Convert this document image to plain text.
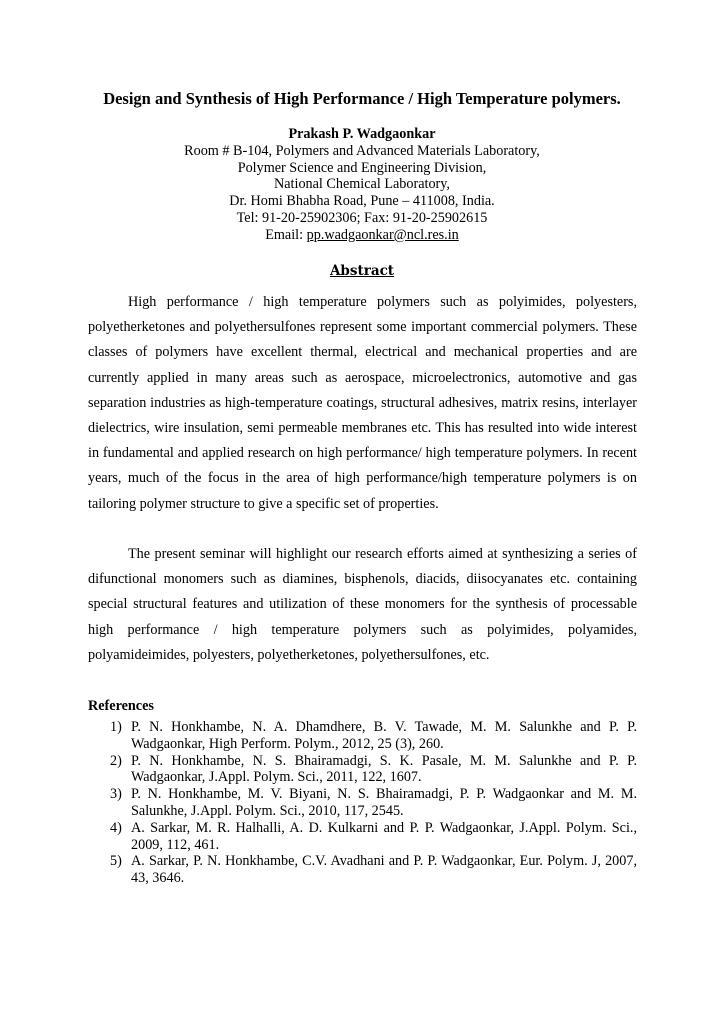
Design and Synthesis of High Performance / High Temperature polymers.
Prakash P. Wadgaonkar
Room # B-104, Polymers and Advanced Materials Laboratory,
Polymer Science and Engineering Division,
National Chemical Laboratory,
Dr. Homi Bhabha Road, Pune – 411008, India.
Tel: 91-20-25902306; Fax: 91-20-25902615
Email: pp.wadgaonkar@ncl.res.in
Abstract

High performance / high temperature polymers such as polyimides, polyesters, polyetherketones and polyethersulfones represent some important commercial polymers. These classes of polymers have excellent thermal, electrical and mechanical properties and are currently applied in many areas such as aerospace, microelectronics, automotive and gas separation industries as high-temperature coatings, structural adhesives, matrix resins, interlayer dielectrics, wire insulation, semi permeable membranes etc. This has resulted into wide interest in fundamental and applied research on high performance/ high temperature polymers. In recent years, much of the focus in the area of high performance/high temperature polymers is on tailoring polymer structure to give a specific set of properties.

The present seminar will highlight our research efforts aimed at synthesizing a series of difunctional monomers such as diamines, bisphenols, diacids, diisocyanates etc. containing special structural features and utilization of these monomers for the synthesis of processable high performance / high temperature polymers such as polyimides, polyamides, polyamideimides, polyesters, polyetherketones, polyethersulfones, etc.

References
1) P. N. Honkhambe, N. A. Dhamdhere, B. V. Tawade, M. M. Salunkhe and P. P. Wadgaonkar, High Perform. Polym., 2012, 25 (3), 260.
2) P. N. Honkhambe, N. S. Bhairamadgi, S. K. Pasale, M. M. Salunkhe and P. P. Wadgaonkar, J.Appl. Polym. Sci., 2011, 122, 1607.
3) P. N. Honkhambe, M. V. Biyani, N. S. Bhairamadgi, P. P. Wadgaonkar and M. M. Salunkhe, J.Appl. Polym. Sci., 2010, 117, 2545.
4) A. Sarkar, M. R. Halhalli, A. D. Kulkarni and P. P. Wadgaonkar, J.Appl. Polym. Sci., 2009, 112, 461.
5) A. Sarkar, P. N. Honkhambe, C.V. Avadhani and P. P. Wadgaonkar, Eur. Polym. J, 2007, 43, 3646.
